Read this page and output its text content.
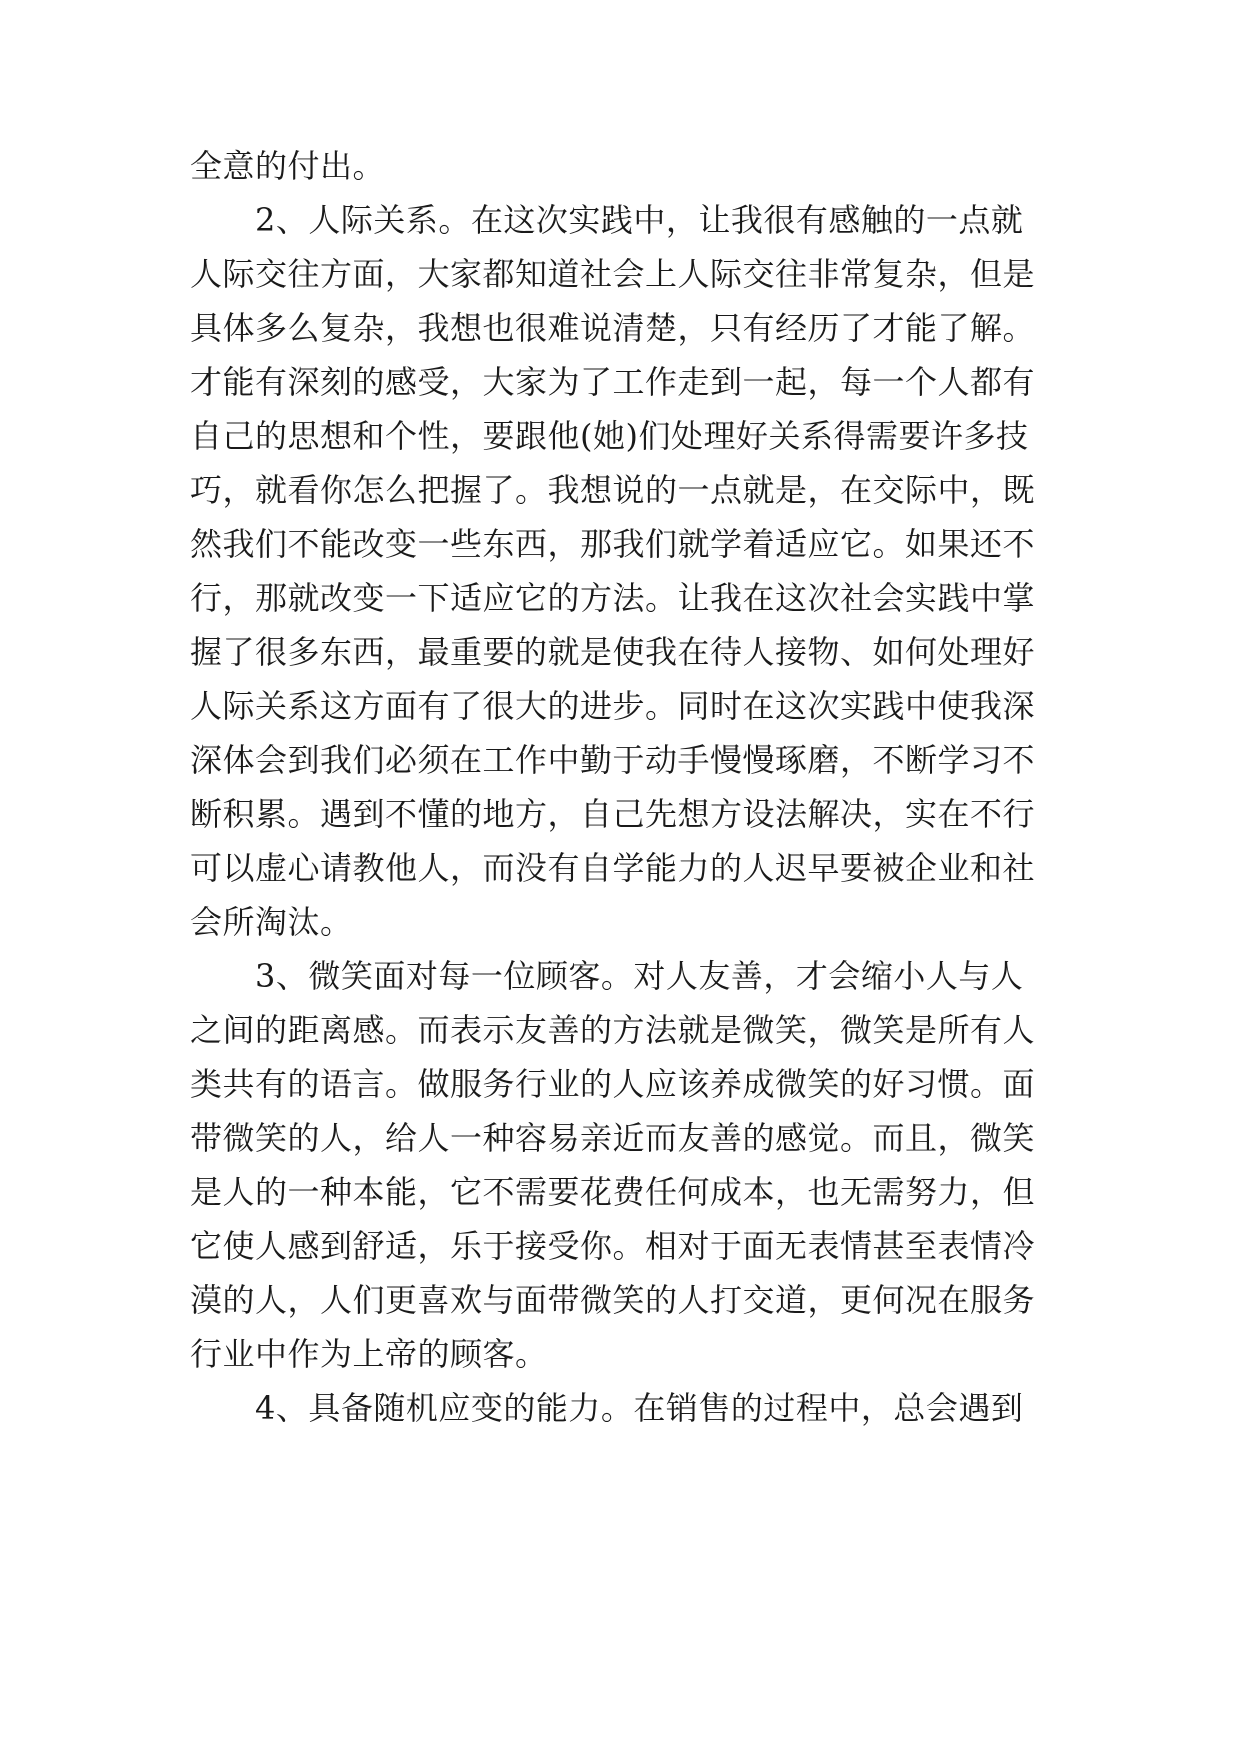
全意的付出。
2、人际关系。在这次实践中，让我很有感触的一点就
人际交往方面，大家都知道社会上人际交往非常复杂，但是
具体多么复杂，我想也很难说清楚，只有经历了才能了解。
才能有深刻的感受，大家为了工作走到一起，每一个人都有
自己的思想和个性，要跟他(她)们处理好关系得需要许多技
巧，就看你怎么把握了。我想说的一点就是，在交际中，既
然我们不能改变一些东西，那我们就学着适应它。如果还不
行，那就改变一下适应它的方法。让我在这次社会实践中掌
握了很多东西，最重要的就是使我在待人接物、如何处理好
人际关系这方面有了很大的进步。同时在这次实践中使我深
深体会到我们必须在工作中勤于动手慢慢琢磨，不断学习不
断积累。遇到不懂的地方，自己先想方设法解决，实在不行
可以虚心请教他人，而没有自学能力的人迟早要被企业和社
会所淘汰。
3、微笑面对每一位顾客。对人友善，才会缩小人与人
之间的距离感。而表示友善的方法就是微笑，微笑是所有人
类共有的语言。做服务行业的人应该养成微笑的好习惯。面
带微笑的人，给人一种容易亲近而友善的感觉。而且，微笑
是人的一种本能，它不需要花费任何成本，也无需努力，但
它使人感到舒适，乐于接受你。相对于面无表情甚至表情冷
漠的人，人们更喜欢与面带微笑的人打交道，更何况在服务
行业中作为上帝的顾客。
4、具备随机应变的能力。在销售的过程中，总会遇到
